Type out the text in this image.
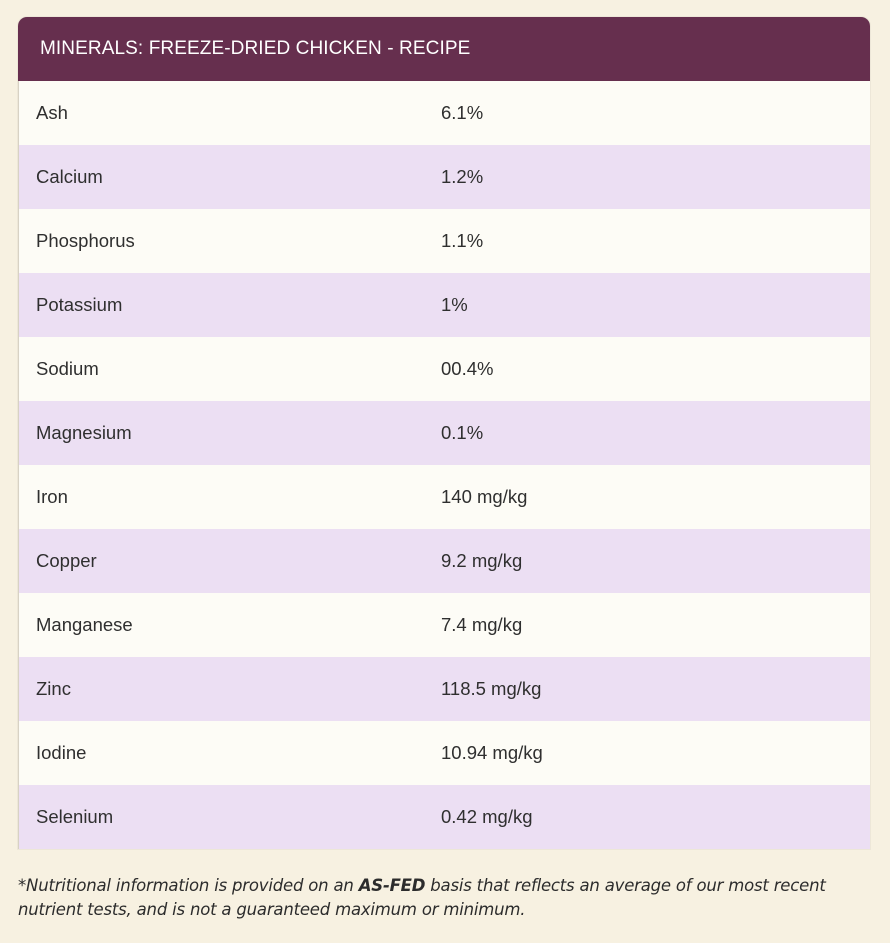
MINERALS: FREEZE-DRIED CHICKEN - RECIPE
Ash	6.1%
Calcium	1.2%
Phosphorus	1.1%
Potassium	1%
Sodium	00.4%
Magnesium	0.1%
Iron	140 mg/kg
Copper	9.2 mg/kg
Manganese	7.4 mg/kg
Zinc	118.5 mg/kg
Iodine	10.94 mg/kg
Selenium	0.42 mg/kg
*Nutritional information is provided on an AS-FED basis that reflects an average of our most recent nutrient tests, and is not a guaranteed maximum or minimum.
